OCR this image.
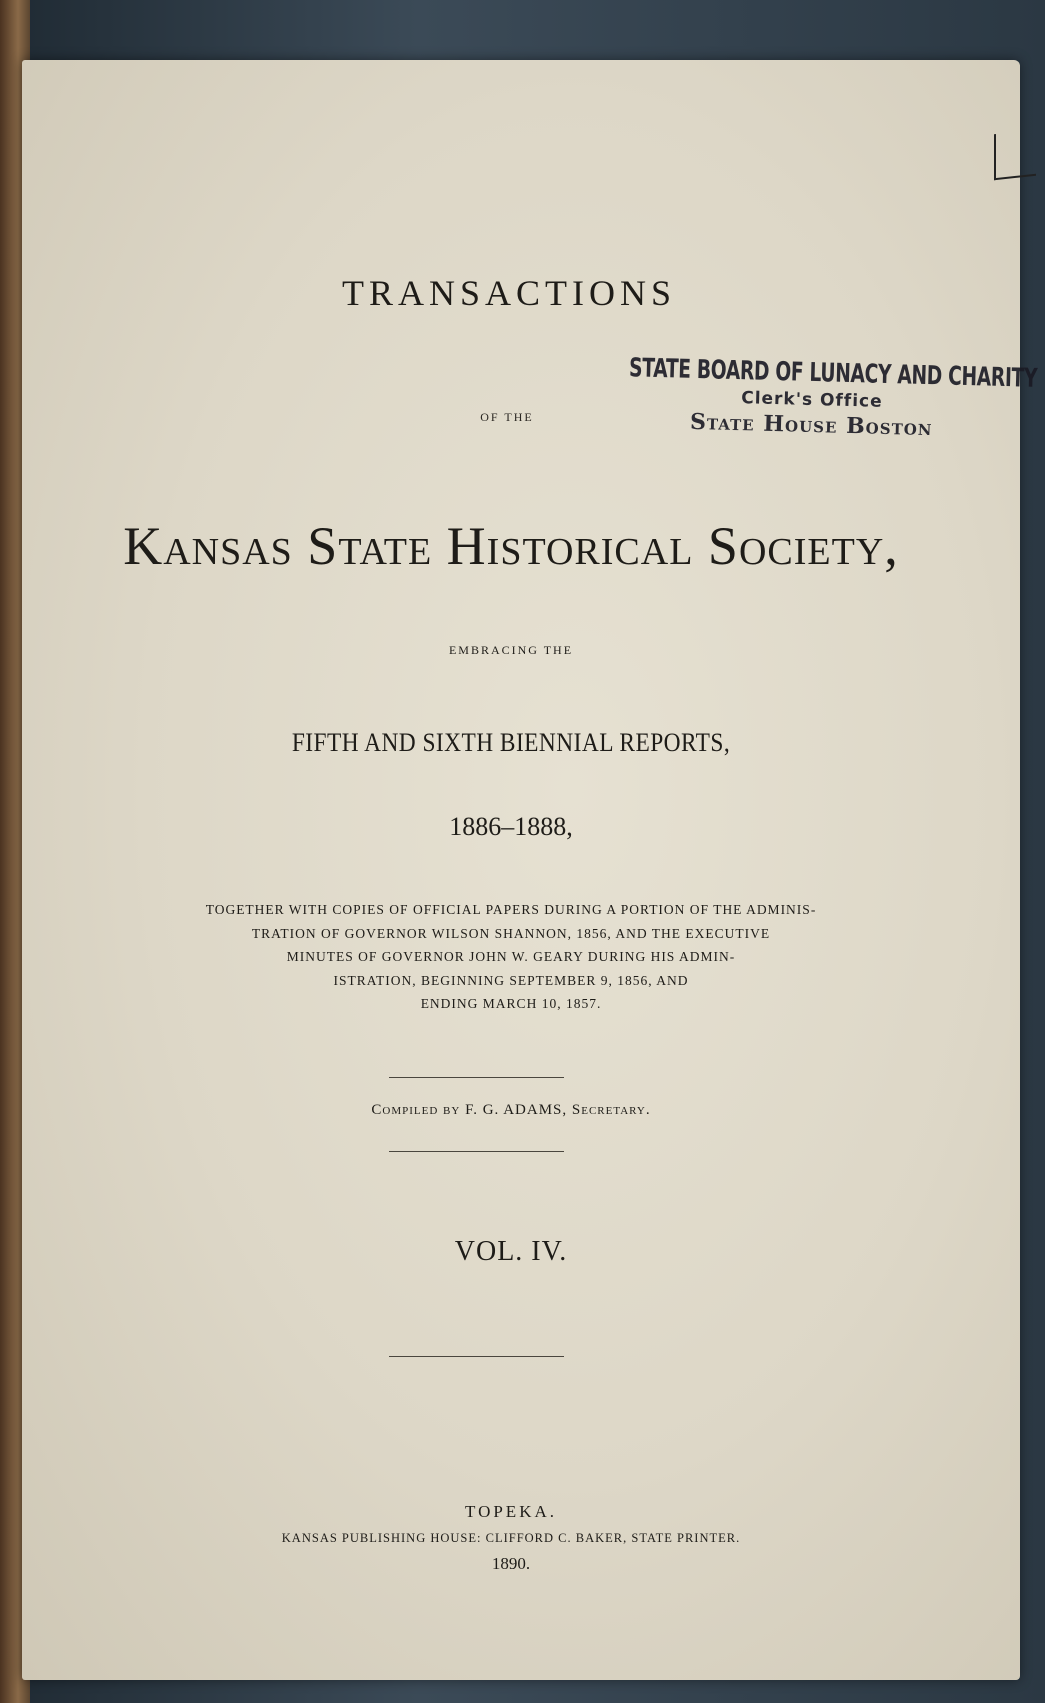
TRANSACTIONS
OF THE
STATE BOARD OF LUNACY AND CHARITY
Clerk's Office
State House Boston
Kansas State Historical Society,
EMBRACING THE
FIFTH AND SIXTH BIENNIAL REPORTS,
1886–1888,
TOGETHER WITH COPIES OF OFFICIAL PAPERS DURING A PORTION OF THE ADMINIS-
TRATION OF GOVERNOR WILSON SHANNON, 1856, AND THE EXECUTIVE
MINUTES OF GOVERNOR JOHN W. GEARY DURING HIS ADMIN-
ISTRATION, BEGINNING SEPTEMBER 9, 1856, AND
ENDING MARCH 10, 1857.
Compiled by F. G. ADAMS, Secretary.
VOL. IV.
TOPEKA.
KANSAS PUBLISHING HOUSE: CLIFFORD C. BAKER, STATE PRINTER.
1890.
